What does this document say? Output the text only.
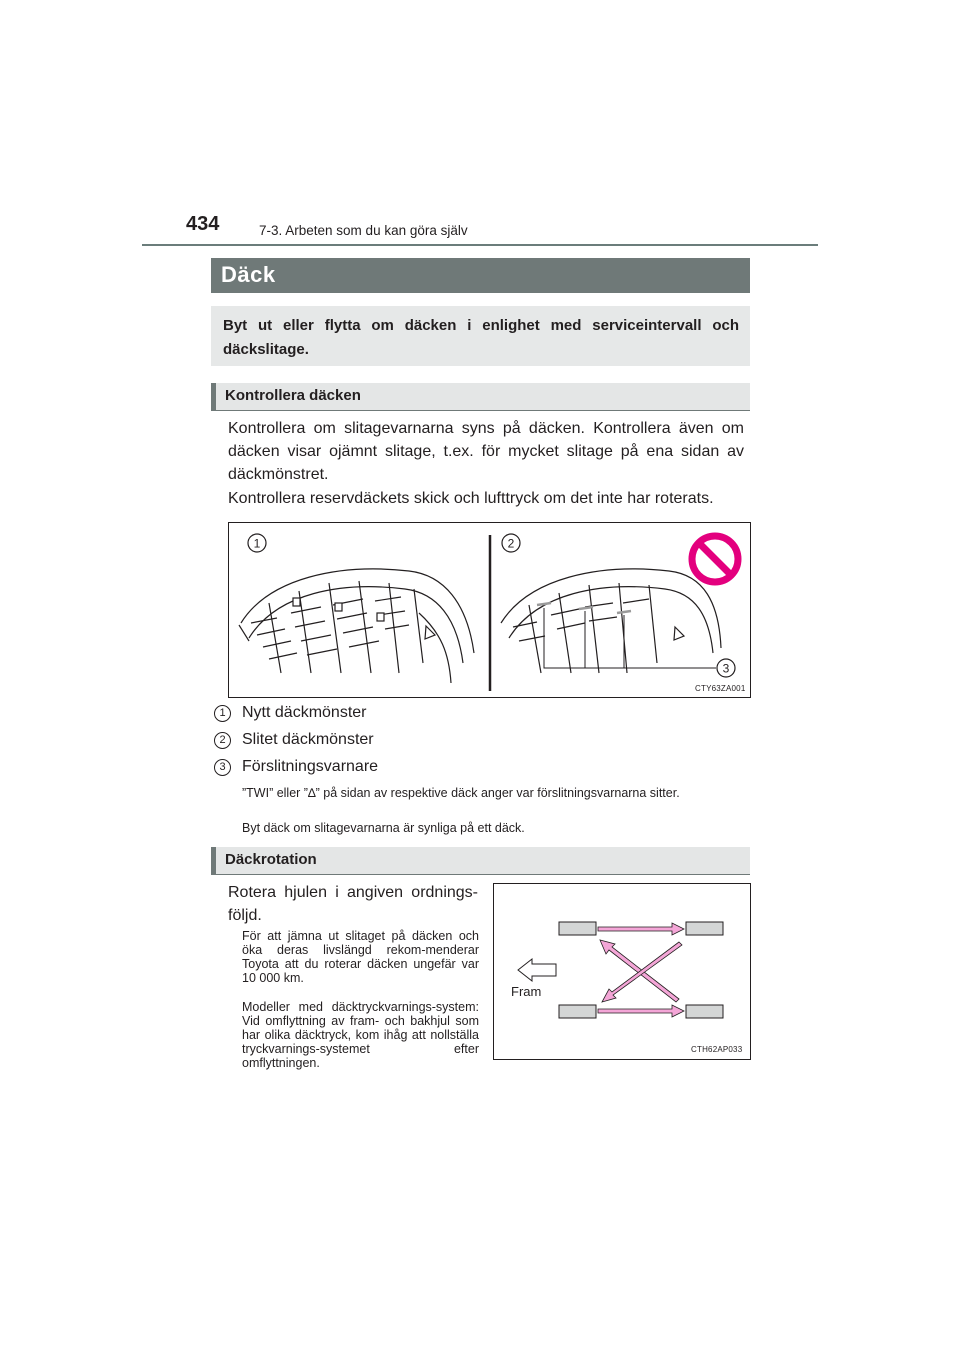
434	7-3. Arbeten som du kan göra själv
Däck
Byt ut eller flytta om däcken i enlighet med serviceintervall och däckslitage.
Kontrollera däcken
Kontrollera om slitagevarnarna syns på däcken. Kontrollera även om däcken visar ojämnt slitage, t.ex. för mycket slitage på ena sidan av däckmönstret.
Kontrollera reservdäckets skick och lufttryck om det inte har roterats.
1	2
3
CTY63ZA001
1	Nytt däckmönster
2	Slitet däckmönster
3	Förslitningsvarnare
”TWI” eller ”∆” på sidan av respektive däck anger var förslitningsvarnarna sitter.
Byt däck om slitagevarnarna är synliga på ett däck.
Däckrotation
Rotera hjulen i angiven ordnings-följd.
För att jämna ut slitaget på däcken och öka deras livslängd rekom-menderar Toyota att du roterar däcken ungefär var 10 000 km.
Modeller med däcktryckvarnings-system: Vid omflyttning av fram- och bakhjul som har olika däcktryck, kom ihåg att nollställa tryckvarnings-systemet efter omflyttningen.
Fram
CTH62AP033
